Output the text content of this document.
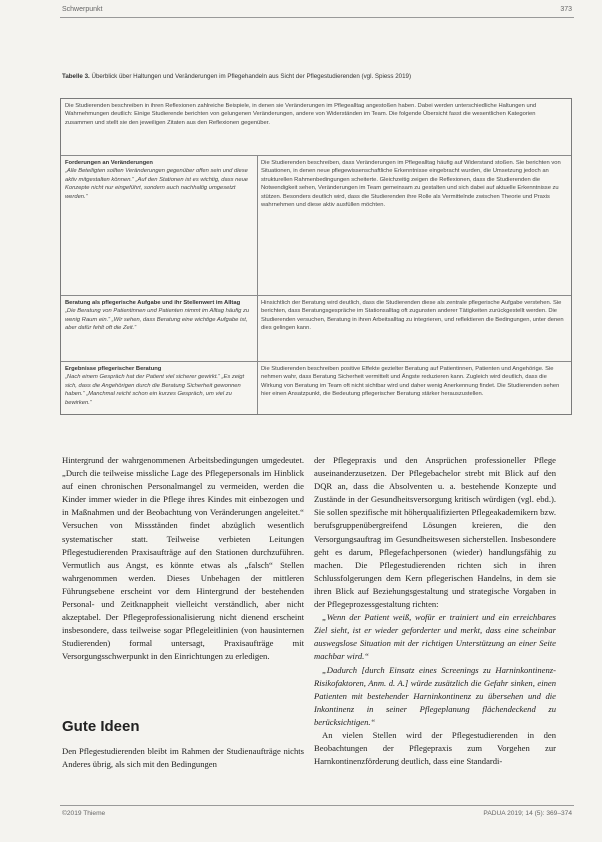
Schwerpunkt	373
Tabelle 3. Überblick über Haltungen und Veränderungen im Pflegehandeln aus Sicht der Pflegestudierenden (vgl. Spiess 2019)
Die Studierenden beschreiben in ihren Reflexionen zahlreiche Beispiele, in denen sie Veränderungen im Pflegealltag angestoßen haben. Dabei werden unterschiedliche Haltungen und Wahrnehmungen deutlich: Einige Studierende berichten von gelungenen Veränderungen, andere von Widerständen im Team. Die folgende Übersicht fasst die wesentlichen Kategorien zusammen und stellt sie den jeweiligen Zitaten aus den Reflexionen gegenüber.
Forderungen an Veränderungen
„Alle Beteiligten sollten Veränderungen gegenüber offen sein und diese aktiv mitgestalten können.“ „Auf den Stationen ist es wichtig, dass neue Konzepte nicht nur eingeführt, sondern auch nachhaltig umgesetzt werden.“
Die Studierenden beschreiben, dass Veränderungen im Pflegealltag häufig auf Widerstand stoßen. Sie berichten von Situationen, in denen neue pflegewissenschaftliche Erkenntnisse eingebracht wurden, die Umsetzung jedoch an strukturellen Rahmenbedingungen scheiterte. Gleichzeitig zeigen die Reflexionen, dass die Studierenden die Notwendigkeit sehen, Veränderungen im Team gemeinsam zu gestalten und sich dabei auf aktuelle Erkenntnisse zu stützen. Besonders deutlich wird, dass die Studierenden ihre Rolle als Vermittelnde zwischen Theorie und Praxis wahrnehmen und diese aktiv ausfüllen möchten.
Beratung als pflegerische Aufgabe und ihr Stellenwert im Alltag
„Die Beratung von Patientinnen und Patienten nimmt im Alltag häufig zu wenig Raum ein.“ „Wir sehen, dass Beratung eine wichtige Aufgabe ist, aber dafür fehlt oft die Zeit.“
Hinsichtlich der Beratung wird deutlich, dass die Studierenden diese als zentrale pflegerische Aufgabe verstehen. Sie berichten, dass Beratungsgespräche im Stationsalltag oft zugunsten anderer Tätigkeiten zurückgestellt werden. Die Studierenden versuchen, Beratung in ihren Arbeitsalltag zu integrieren, und reflektieren die Bedingungen, unter denen dies gelingen kann.
Ergebnisse pflegerischer Beratung
„Nach einem Gespräch hat der Patient viel sicherer gewirkt.“ „Es zeigt sich, dass die Angehörigen durch die Beratung Sicherheit gewonnen haben.“ „Manchmal reicht schon ein kurzes Gespräch, um viel zu bewirken.“
Die Studierenden beschreiben positive Effekte gezielter Beratung auf Patientinnen, Patienten und Angehörige. Sie nehmen wahr, dass Beratung Sicherheit vermittelt und Ängste reduzieren kann. Zugleich wird deutlich, dass die Wirkung von Beratung im Team oft nicht sichtbar wird und daher wenig Anerkennung findet. Die Studierenden sehen hier einen Ansatzpunkt, die Bedeutung pflegerischer Beratung stärker herauszustellen.

Hintergrund der wahrgenommenen Arbeitsbedingungen umgedeutet. „Durch die teilweise missliche Lage des Pflegepersonals im Hinblick auf einen chronischen Personalmangel zu vermeiden, werden die Kinder immer wieder in die Pflege ihres Kindes mit einbezogen und in Maßnahmen und der Beobachtung von Veränderungen angeleitet.“ Versuchen von Missständen findet abzüglich wesentlich systematischer statt. Teilweise verbieten Leitungen Pflegestudierenden Praxisaufträge auf den Stationen durchzuführen. Vermutlich aus Angst, es könnte etwas als „falsch“ Stellen wahrgenommen werden. Dieses Unbehagen der mittleren Führungsebene erscheint vor dem Hintergrund der bestehenden Personal- und Zeitknappheit vielleicht verständlich, aber nicht akzeptabel. Der Pflegeprofessionalisierung nicht dienend erscheint insbesondere, dass teilweise sogar Pflegeleitlinien (von hausinternen Studierenden) formal untersagt, Praxisaufträge mit Versorgungsschwerpunkt in den Einrichtungen zu erledigen.

Gute Ideen
Den Pflegestudierenden bleibt im Rahmen der Studienaufträge nichts Anderes übrig, als sich mit den Bedingungen

der Pflegepraxis und den Ansprüchen professioneller Pflege auseinanderzusetzen. Der Pflegebachelor strebt mit Blick auf den DQR an, dass die Absolventen u. a. bestehende Konzepte und Zustände in der Gesundheitsversorgung kritisch würdigen (vgl. ebd.). Sie sollen spezifische mit höherqualifizierten Pflegeakademikern bzw. berufsgruppenübergreifend Lösungen kreieren, die den Versorgungsauftrag im Gesundheitswesen sicherstellen. Insbesondere geht es darum, Pflegefachpersonen (wieder) handlungsfähig zu machen. Die Pflegestudierenden richten sich in ihren Schlussfolgerungen dem Kern pflegerischen Handelns, in dem sie ihren Blick auf Beziehungsgestaltung und strategische Vorgaben in der Pflegeprozessgestaltung richten:

„Wenn der Patient weiß, wofür er trainiert und ein erreichbares Ziel sieht, ist er wieder geforderter und merkt, dass eine scheinbar auswegslose Situation mit der richtigen Unterstützung an einer Seite machbar wird.“

„Dadurch [durch Einsatz eines Screenings zu Harninkontinenz-Risikofaktoren, Anm. d. A.] würde zusätzlich die Gefahr sinken, einen Patienten mit bestehender Harninkontinenz zu übersehen und die Inkontinenz in seiner Pflegeplanung flächendeckend zu berücksichtigen.“

An vielen Stellen wird der Pflegestudierenden in den Beobachtungen der Pflegepraxis zum Vorgehen zur Harnkontinenzförderung deutlich, dass eine Standardi-

©2019 Thieme	PADUA 2019; 14 (5): 369–374
